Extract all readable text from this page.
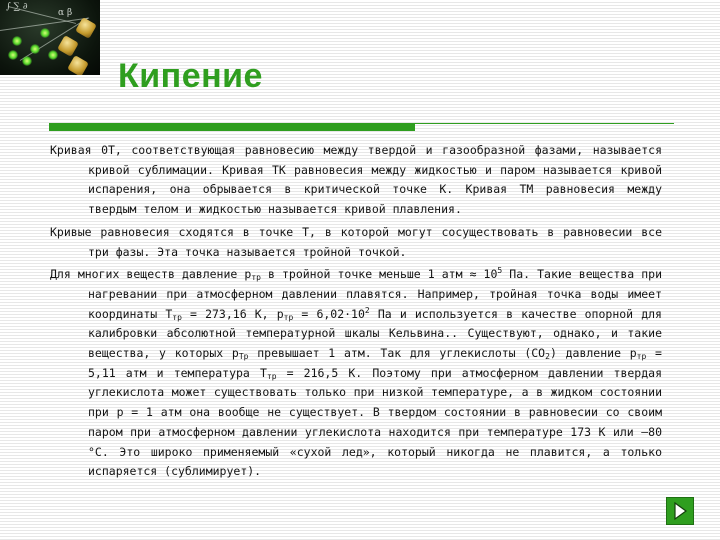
∫ ∑ ∂
α β
Кипение

Кривая 0Т, соответствующая равновесию между твердой и газообразной фазами, называется кривой сублимации. Кривая ТК равновесия между жидкостью и паром называется кривой испарения, она обрывается в критической точке К. Кривая ТМ равновесия между твердым телом и жидкостью называется кривой плавления.

Кривые равновесия сходятся в точке Т, в которой могут сосуществовать в равновесии все три фазы. Эта точка называется тройной точкой.

Для многих веществ давление $р_{тр}$ в тройной точке меньше 1 атм ≈ $10^5$ Па. Такие вещества при нагревании при атмосферном давлении плавятся. Например, тройная точка воды имеет координаты $Т_{тр} = 273,16$ К, $р_{тр} = 6,02\cdot 10^2$ Па и используется в качестве опорной для калибровки абсолютной температурной шкалы Кельвина.. Существуют, однако, и такие вещества, у которых $р_{Тр}$ превышает 1 атм. Так для углекислоты $(CO_2)$ давление $р_{тр} = 5,11$ атм и температура $Т_{тр} = 216,5$ К. Поэтому при атмосферном давлении твердая углекислота может существовать только при низкой температуре, а в жидком состоянии при р = 1 атм она вообще не существует. В твердом состоянии в равновесии со своим паром при атмосферном давлении углекислота находится при температуре 173 К или –80 °С. Это широко применяемый «сухой лед», который никогда не плавится, а только испаряется (сублимирует).
